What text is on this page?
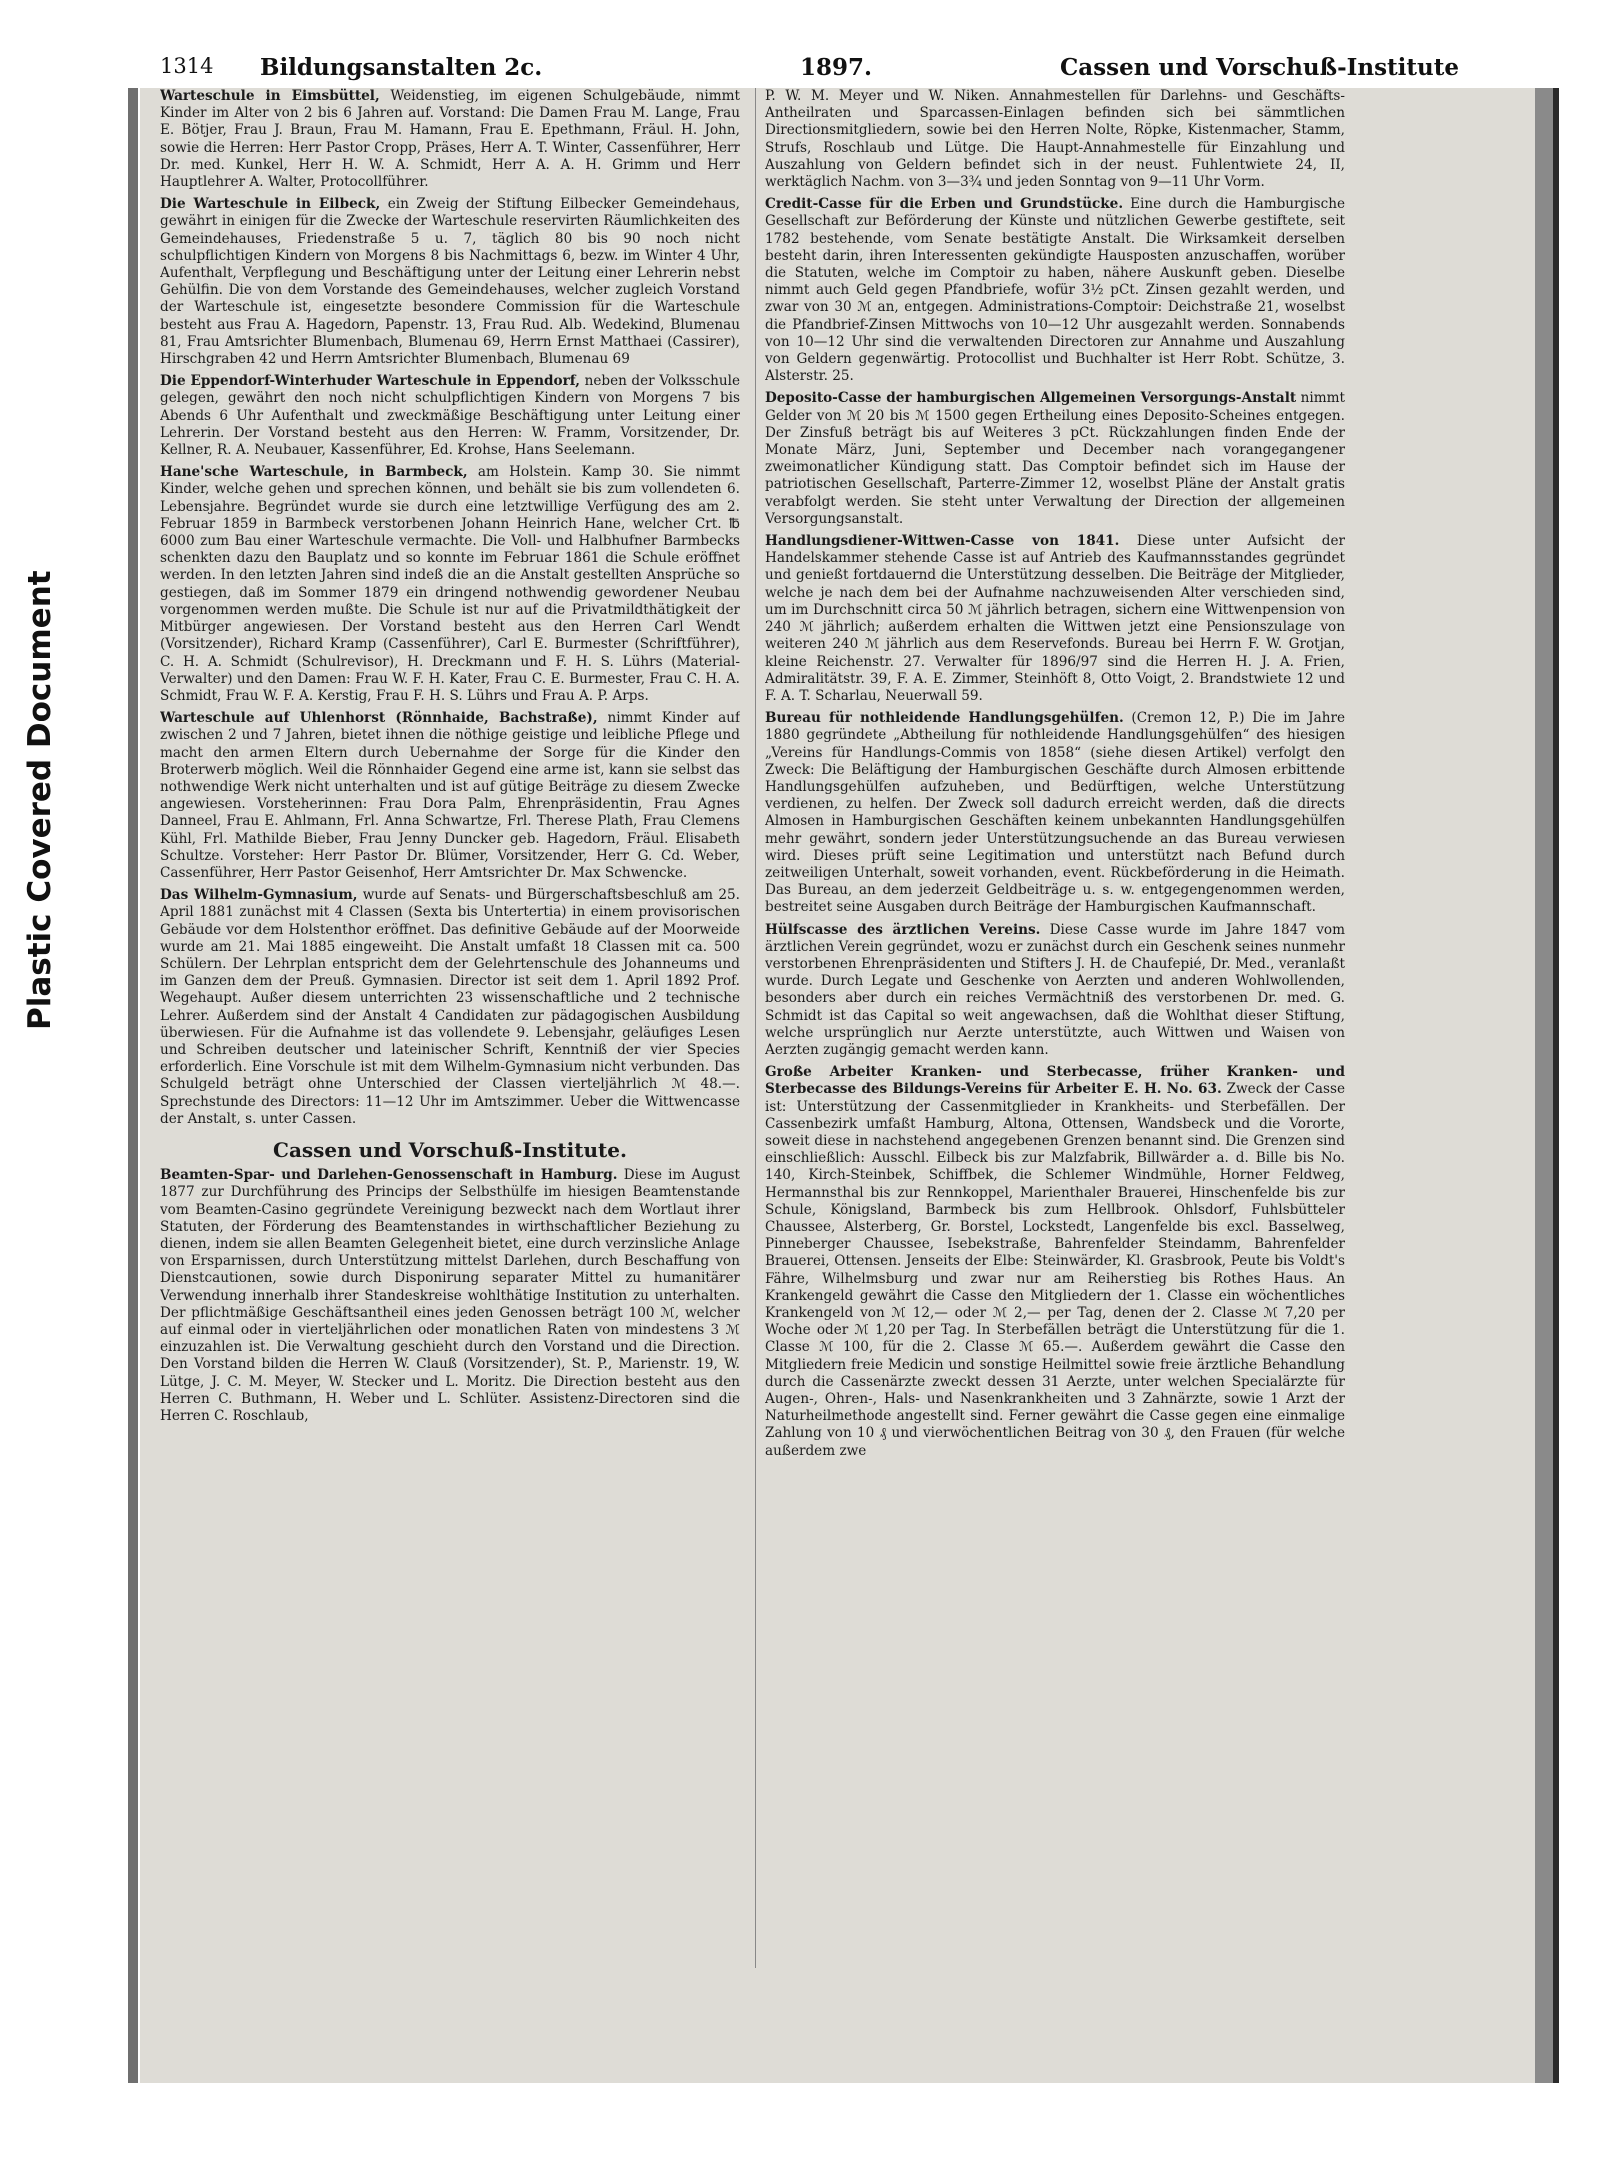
Plastic Covered Document
1314 Bildungsanstalten 2c.	1897.	Cassen und Vorschuß-Institute

Warteschule in Eimsbüttel, Weidenstieg, im eigenen Schulgebäude, nimmt Kinder im Alter von 2 bis 6 Jahren auf. Vorstand: Die Damen Frau M. Lange, Frau E. Bötjer, Frau J. Braun, Frau M. Hamann, Frau E. Epethmann, Fräul. H. John, sowie die Herren: Herr Pastor Cropp, Präses, Herr A. T. Winter, Cassenführer, Herr Dr. med. Kunkel, Herr H. W. A. Schmidt, Herr A. A. H. Grimm und Herr Hauptlehrer A. Walter, Protocollführer.

Die Warteschule in Eilbeck, ein Zweig der Stiftung Eilbecker Gemeindehaus, gewährt in einigen für die Zwecke der Warteschule reservirten Räumlichkeiten des Gemeindehauses, Friedenstraße 5 u. 7, täglich 80 bis 90 noch nicht schulpflichtigen Kindern von Morgens 8 bis Nachmittags 6, bezw. im Winter 4 Uhr, Aufenthalt, Verpflegung und Beschäftigung unter der Leitung einer Lehrerin nebst Gehülfin. Die von dem Vorstande des Gemeindehauses, welcher zugleich Vorstand der Warteschule ist, eingesetzte besondere Commission für die Warteschule besteht aus Frau A. Hagedorn, Papenstr. 13, Frau Rud. Alb. Wedekind, Blumenau 81, Frau Amtsrichter Blumenbach, Blumenau 69, Herrn Ernst Matthaei (Cassirer), Hirschgraben 42 und Herrn Amtsrichter Blumenbach, Blumenau 69

Die Eppendorf-Winterhuder Warteschule in Eppendorf, neben der Volksschule gelegen, gewährt den noch nicht schulpflichtigen Kindern von Morgens 7 bis Abends 6 Uhr Aufenthalt und zweckmäßige Beschäftigung unter Leitung einer Lehrerin. Der Vorstand besteht aus den Herren: W. Framm, Vorsitzender, Dr. Kellner, R. A. Neubauer, Kassenführer, Ed. Krohse, Hans Seelemann.

Hane'sche Warteschule, in Barmbeck, am Holstein. Kamp 30. Sie nimmt Kinder, welche gehen und sprechen können, und behält sie bis zum vollendeten 6. Lebensjahre. Begründet wurde sie durch eine letztwillige Verfügung des am 2. Februar 1859 in Barmbeck verstorbenen Johann Heinrich Hane, welcher Crt. ℔ 6000 zum Bau einer Warteschule vermachte. Die Voll- und Halbhufner Barmbecks schenkten dazu den Bauplatz und so konnte im Februar 1861 die Schule eröffnet werden. In den letzten Jahren sind indeß die an die Anstalt gestellten Ansprüche so gestiegen, daß im Sommer 1879 ein dringend nothwendig gewordener Neubau vorgenommen werden mußte. Die Schule ist nur auf die Privatmildthätigkeit der Mitbürger angewiesen. Der Vorstand besteht aus den Herren Carl Wendt (Vorsitzender), Richard Kramp (Cassenführer), Carl E. Burmester (Schriftführer), C. H. A. Schmidt (Schulrevisor), H. Dreckmann und F. H. S. Lührs (Material-Verwalter) und den Damen: Frau W. F. H. Kater, Frau C. E. Burmester, Frau C. H. A. Schmidt, Frau W. F. A. Kerstig, Frau F. H. S. Lührs und Frau A. P. Arps.

Warteschule auf Uhlenhorst (Rönnhaide, Bachstraße), nimmt Kinder auf zwischen 2 und 7 Jahren, bietet ihnen die nöthige geistige und leibliche Pflege und macht den armen Eltern durch Uebernahme der Sorge für die Kinder den Broterwerb möglich. Weil die Rönnhaider Gegend eine arme ist, kann sie selbst das nothwendige Werk nicht unterhalten und ist auf gütige Beiträge zu diesem Zwecke angewiesen. Vorsteherinnen: Frau Dora Palm, Ehrenpräsidentin, Frau Agnes Danneel, Frau E. Ahlmann, Frl. Anna Schwartze, Frl. Therese Plath, Frau Clemens Kühl, Frl. Mathilde Bieber, Frau Jenny Duncker geb. Hagedorn, Fräul. Elisabeth Schultze. Vorsteher: Herr Pastor Dr. Blümer, Vorsitzender, Herr G. Cd. Weber, Cassenführer, Herr Pastor Geisenhof, Herr Amtsrichter Dr. Max Schwencke.

Das Wilhelm-Gymnasium, wurde auf Senats- und Bürgerschaftsbeschluß am 25. April 1881 zunächst mit 4 Classen (Sexta bis Untertertia) in einem provisorischen Gebäude vor dem Holstenthor eröffnet. Das definitive Gebäude auf der Moorweide wurde am 21. Mai 1885 eingeweiht. Die Anstalt umfaßt 18 Classen mit ca. 500 Schülern. Der Lehrplan entspricht dem der Gelehrtenschule des Johanneums und im Ganzen dem der Preuß. Gymnasien. Director ist seit dem 1. April 1892 Prof. Wegehaupt. Außer diesem unterrichten 23 wissenschaftliche und 2 technische Lehrer. Außerdem sind der Anstalt 4 Candidaten zur pädagogischen Ausbildung überwiesen. Für die Aufnahme ist das vollendete 9. Lebensjahr, geläufiges Lesen und Schreiben deutscher und lateinischer Schrift, Kenntniß der vier Species erforderlich. Eine Vorschule ist mit dem Wilhelm-Gymnasium nicht verbunden. Das Schulgeld beträgt ohne Unterschied der Classen vierteljährlich ℳ 48.—. Sprechstunde des Directors: 11—12 Uhr im Amtszimmer. Ueber die Wittwencasse der Anstalt, s. unter Cassen.

Cassen und Vorschuß-Institute.

Beamten-Spar- und Darlehen-Genossenschaft in Hamburg. Diese im August 1877 zur Durchführung des Princips der Selbsthülfe im hiesigen Beamtenstande vom Beamten-Casino gegründete Vereinigung bezweckt nach dem Wortlaut ihrer Statuten, der Förderung des Beamtenstandes in wirthschaftlicher Beziehung zu dienen, indem sie allen Beamten Gelegenheit bietet, eine durch verzinsliche Anlage von Ersparnissen, durch Unterstützung mittelst Darlehen, durch Beschaffung von Dienstcautionen, sowie durch Disponirung separater Mittel zu humanitärer Verwendung innerhalb ihrer Standeskreise wohlthätige Institution zu unterhalten. Der pflichtmäßige Geschäftsantheil eines jeden Genossen beträgt 100 ℳ, welcher auf einmal oder in vierteljährlichen oder monatlichen Raten von mindestens 3 ℳ einzuzahlen ist. Die Verwaltung geschieht durch den Vorstand und die Direction. Den Vorstand bilden die Herren W. Clauß (Vorsitzender), St. P., Marienstr. 19, W. Lütge, J. C. M. Meyer, W. Stecker und L. Moritz. Die Direction besteht aus den Herren C. Buthmann, H. Weber und L. Schlüter. Assistenz-Directoren sind die Herren C. Roschlaub,

P. W. M. Meyer und W. Niken. Annahmestellen für Darlehns- und Geschäfts-Antheilraten und Sparcassen-Einlagen befinden sich bei sämmtlichen Directionsmitgliedern, sowie bei den Herren Nolte, Röpke, Kistenmacher, Stamm, Strufs, Roschlaub und Lütge. Die Haupt-Annahmestelle für Einzahlung und Auszahlung von Geldern befindet sich in der neust. Fuhlentwiete 24, II, werktäglich Nachm. von 3—3¾ und jeden Sonntag von 9—11 Uhr Vorm.

Credit-Casse für die Erben und Grundstücke. Eine durch die Hamburgische Gesellschaft zur Beförderung der Künste und nützlichen Gewerbe gestiftete, seit 1782 bestehende, vom Senate bestätigte Anstalt. Die Wirksamkeit derselben besteht darin, ihren Interessenten gekündigte Hausposten anzuschaffen, worüber die Statuten, welche im Comptoir zu haben, nähere Auskunft geben. Dieselbe nimmt auch Geld gegen Pfandbriefe, wofür 3½ pCt. Zinsen gezahlt werden, und zwar von 30 ℳ an, entgegen. Administrations-Comptoir: Deichstraße 21, woselbst die Pfandbrief-Zinsen Mittwochs von 10—12 Uhr ausgezahlt werden. Sonnabends von 10—12 Uhr sind die verwaltenden Directoren zur Annahme und Auszahlung von Geldern gegenwärtig. Protocollist und Buchhalter ist Herr Robt. Schütze, 3. Alsterstr. 25.

Deposito-Casse der hamburgischen Allgemeinen Versorgungs-Anstalt nimmt Gelder von ℳ 20 bis ℳ 1500 gegen Ertheilung eines Deposito-Scheines entgegen. Der Zinsfuß beträgt bis auf Weiteres 3 pCt. Rückzahlungen finden Ende der Monate März, Juni, September und December nach vorangegangener zweimonatlicher Kündigung statt. Das Comptoir befindet sich im Hause der patriotischen Gesellschaft, Parterre-Zimmer 12, woselbst Pläne der Anstalt gratis verabfolgt werden. Sie steht unter Verwaltung der Direction der allgemeinen Versorgungsanstalt.

Handlungsdiener-Wittwen-Casse von 1841. Diese unter Aufsicht der Handelskammer stehende Casse ist auf Antrieb des Kaufmannsstandes gegründet und genießt fortdauernd die Unterstützung desselben. Die Beiträge der Mitglieder, welche je nach dem bei der Aufnahme nachzuweisenden Alter verschieden sind, um im Durchschnitt circa 50 ℳ jährlich betragen, sichern eine Wittwenpension von 240 ℳ jährlich; außerdem erhalten die Wittwen jetzt eine Pensionszulage von weiteren 240 ℳ jährlich aus dem Reservefonds. Bureau bei Herrn F. W. Grotjan, kleine Reichenstr. 27. Verwalter für 1896/97 sind die Herren H. J. A. Frien, Admiralitätstr. 39, F. A. E. Zimmer, Steinhöft 8, Otto Voigt, 2. Brandstwiete 12 und F. A. T. Scharlau, Neuerwall 59.

Bureau für nothleidende Handlungsgehülfen. (Cremon 12, P.) Die im Jahre 1880 gegründete „Abtheilung für nothleidende Handlungsgehülfen“ des hiesigen „Vereins für Handlungs-Commis von 1858“ (siehe diesen Artikel) verfolgt den Zweck: Die Beläftigung der Hamburgischen Geschäfte durch Almosen erbittende Handlungsgehülfen aufzuheben, und Bedürftigen, welche Unterstützung verdienen, zu helfen. Der Zweck soll dadurch erreicht werden, daß die directs Almosen in Hamburgischen Geschäften keinem unbekannten Handlungsgehülfen mehr gewährt, sondern jeder Unterstützungsuchende an das Bureau verwiesen wird. Dieses prüft seine Legitimation und unterstützt nach Befund durch zeitweiligen Unterhalt, soweit vorhanden, event. Rückbeförderung in die Heimath. Das Bureau, an dem jederzeit Geldbeiträge u. s. w. entgegengenommen werden, bestreitet seine Ausgaben durch Beiträge der Hamburgischen Kaufmannschaft.

Hülfscasse des ärztlichen Vereins. Diese Casse wurde im Jahre 1847 vom ärztlichen Verein gegründet, wozu er zunächst durch ein Geschenk seines nunmehr verstorbenen Ehrenpräsidenten und Stifters J. H. de Chaufepié, Dr. Med., veranlaßt wurde. Durch Legate und Geschenke von Aerzten und anderen Wohlwollenden, besonders aber durch ein reiches Vermächtniß des verstorbenen Dr. med. G. Schmidt ist das Capital so weit angewachsen, daß die Wohlthat dieser Stiftung, welche ursprünglich nur Aerzte unterstützte, auch Wittwen und Waisen von Aerzten zugängig gemacht werden kann.

Große Arbeiter Kranken- und Sterbecasse, früher Kranken- und Sterbecasse des Bildungs-Vereins für Arbeiter E. H. No. 63. Zweck der Casse ist: Unterstützung der Cassenmitglieder in Krankheits- und Sterbefällen. Der Cassenbezirk umfaßt Hamburg, Altona, Ottensen, Wandsbeck und die Vororte, soweit diese in nachstehend angegebenen Grenzen benannt sind. Die Grenzen sind einschließlich: Ausschl. Eilbeck bis zur Malzfabrik, Billwärder a. d. Bille bis No. 140, Kirch-Steinbek, Schiffbek, die Schlemer Windmühle, Horner Feldweg, Hermannsthal bis zur Rennkoppel, Marienthaler Brauerei, Hinschenfelde bis zur Schule, Königsland, Barmbeck bis zum Hellbrook. Ohlsdorf, Fuhlsbütteler Chaussee, Alsterberg, Gr. Borstel, Lockstedt, Langenfelde bis excl. Basselweg, Pinneberger Chaussee, Isebekstraße, Bahrenfelder Steindamm, Bahrenfelder Brauerei, Ottensen. Jenseits der Elbe: Steinwärder, Kl. Grasbrook, Peute bis Voldt's Fähre, Wilhelmsburg und zwar nur am Reiherstieg bis Rothes Haus. An Krankengeld gewährt die Casse den Mitgliedern der 1. Classe ein wöchentliches Krankengeld von ℳ 12,— oder ℳ 2,— per Tag, denen der 2. Classe ℳ 7,20 per Woche oder ℳ 1,20 per Tag. In Sterbefällen beträgt die Unterstützung für die 1. Classe ℳ 100, für die 2. Classe ℳ 65.—. Außerdem gewährt die Casse den Mitgliedern freie Medicin und sonstige Heilmittel sowie freie ärztliche Behandlung durch die Cassenärzte zweckt dessen 31 Aerzte, unter welchen Specialärzte für Augen-, Ohren-, Hals- und Nasenkrankheiten und 3 Zahnärzte, sowie 1 Arzt der Naturheilmethode angestellt sind. Ferner gewährt die Casse gegen eine einmalige Zahlung von 10 ₰ und vierwöchentlichen Beitrag von 30 ₰, den Frauen (für welche außerdem zwe
